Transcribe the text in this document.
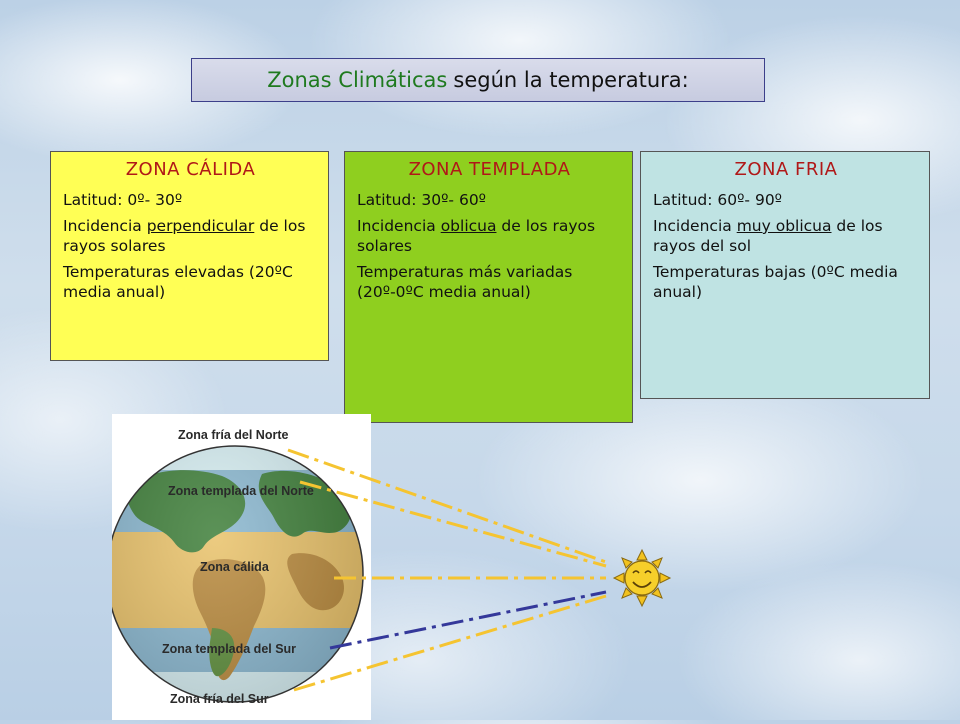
Zonas Climáticas según la temperatura:
ZONA CÁLIDA

Latitud: 0º- 30º

Incidencia perpendicular de los rayos solares

Temperaturas elevadas (20ºC media anual)

ZONA TEMPLADA

Latitud: 30º- 60º

Incidencia oblicua de los rayos solares

Temperaturas más variadas (20º-0ºC media anual)

ZONA FRIA

Latitud: 60º- 90º

Incidencia muy oblicua de los rayos del sol

Temperaturas bajas (0ºC media anual)

Zona fría del Norte
Zona templada del Norte
Zona cálida
Zona templada del Sur
Zona fría del Sur
